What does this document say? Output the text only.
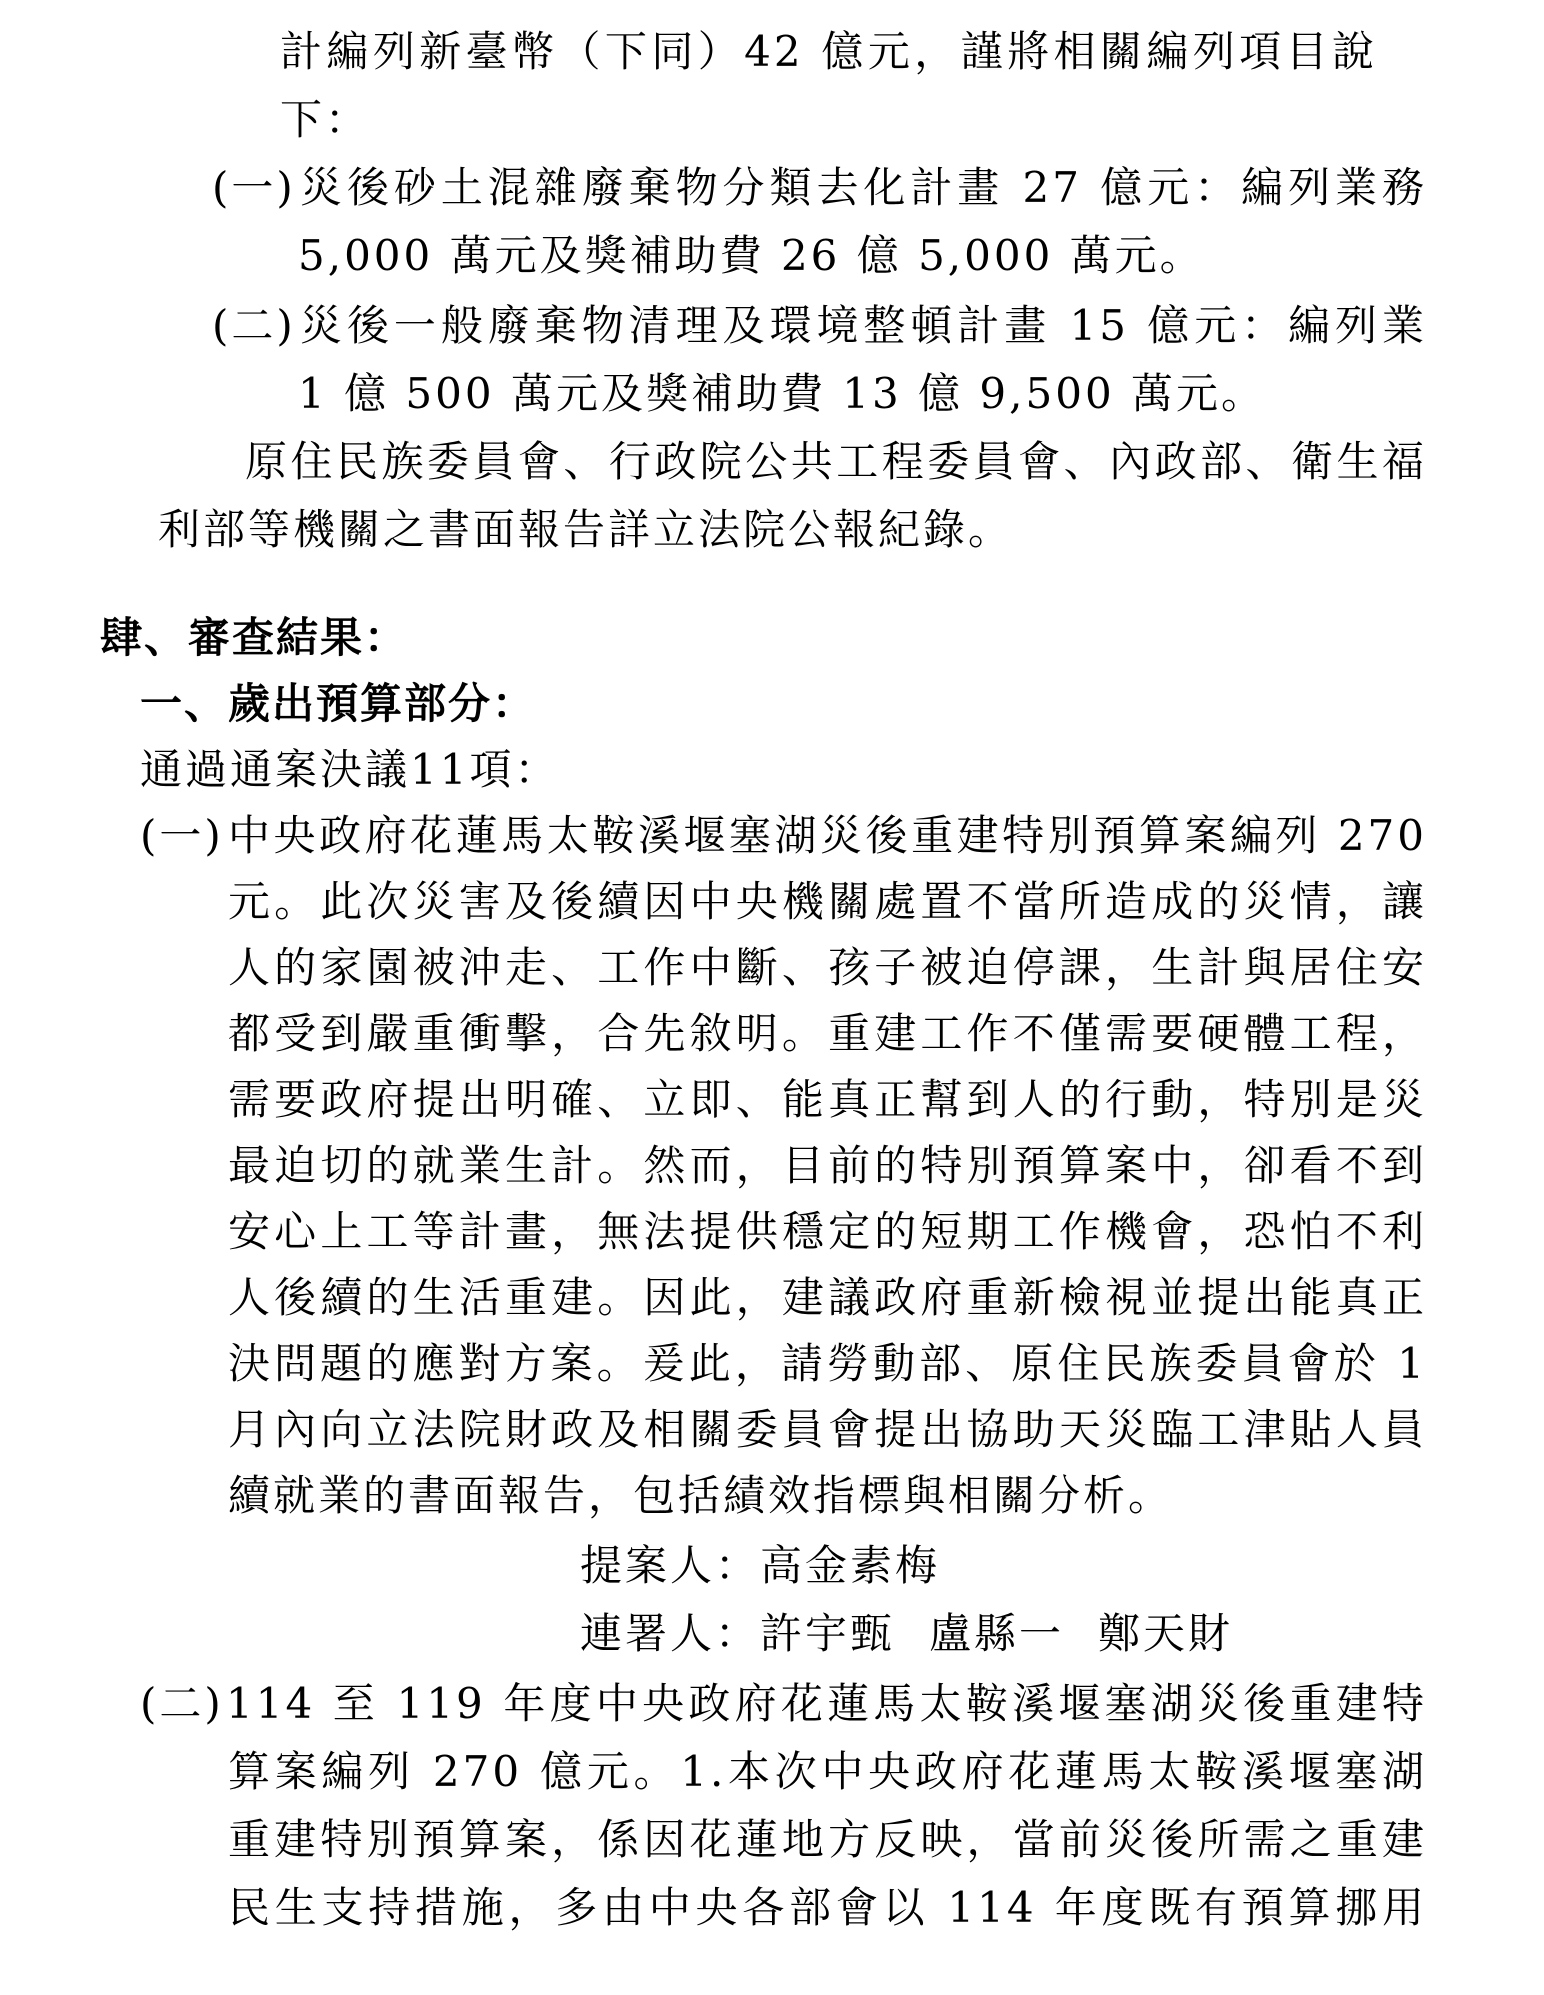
計編列新臺幣（下同）42 億元，謹將相關編列項目說
下：
(一) 災後砂土混雜廢棄物分類去化計畫 27 億元：編列業務
5,000 萬元及獎補助費 26 億 5,000 萬元。
(二) 災後一般廢棄物清理及環境整頓計畫 15 億元：編列業
1 億 500 萬元及獎補助費 13 億 9,500 萬元。
原住民族委員會、行政院公共工程委員會、內政部、衛生福
利部等機關之書面報告詳立法院公報紀錄。
肆、審查結果：
一、歲出預算部分：
通過通案決議11項：
(一) 中央政府花蓮馬太鞍溪堰塞湖災後重建特別預算案編列 270
元。此次災害及後續因中央機關處置不當所造成的災情，讓
人的家園被沖走、工作中斷、孩子被迫停課，生計與居住安
都受到嚴重衝擊，合先敘明。重建工作不僅需要硬體工程，
需要政府提出明確、立即、能真正幫到人的行動，特別是災
最迫切的就業生計。然而，目前的特別預算案中，卻看不到
安心上工等計畫，無法提供穩定的短期工作機會，恐怕不利
人後續的生活重建。因此，建議政府重新檢視並提出能真正
決問題的應對方案。爰此，請勞動部、原住民族委員會於 1
月內向立法院財政及相關委員會提出協助天災臨工津貼人員
續就業的書面報告，包括績效指標與相關分析。
提案人：高金素梅
連署人：許宇甄 盧縣一 鄭天財
(二) 114 至 119 年度中央政府花蓮馬太鞍溪堰塞湖災後重建特
算案編列 270 億元。1.本次中央政府花蓮馬太鞍溪堰塞湖
重建特別預算案，係因花蓮地方反映，當前災後所需之重建
民生支持措施，多由中央各部會以 114 年度既有預算挪用
